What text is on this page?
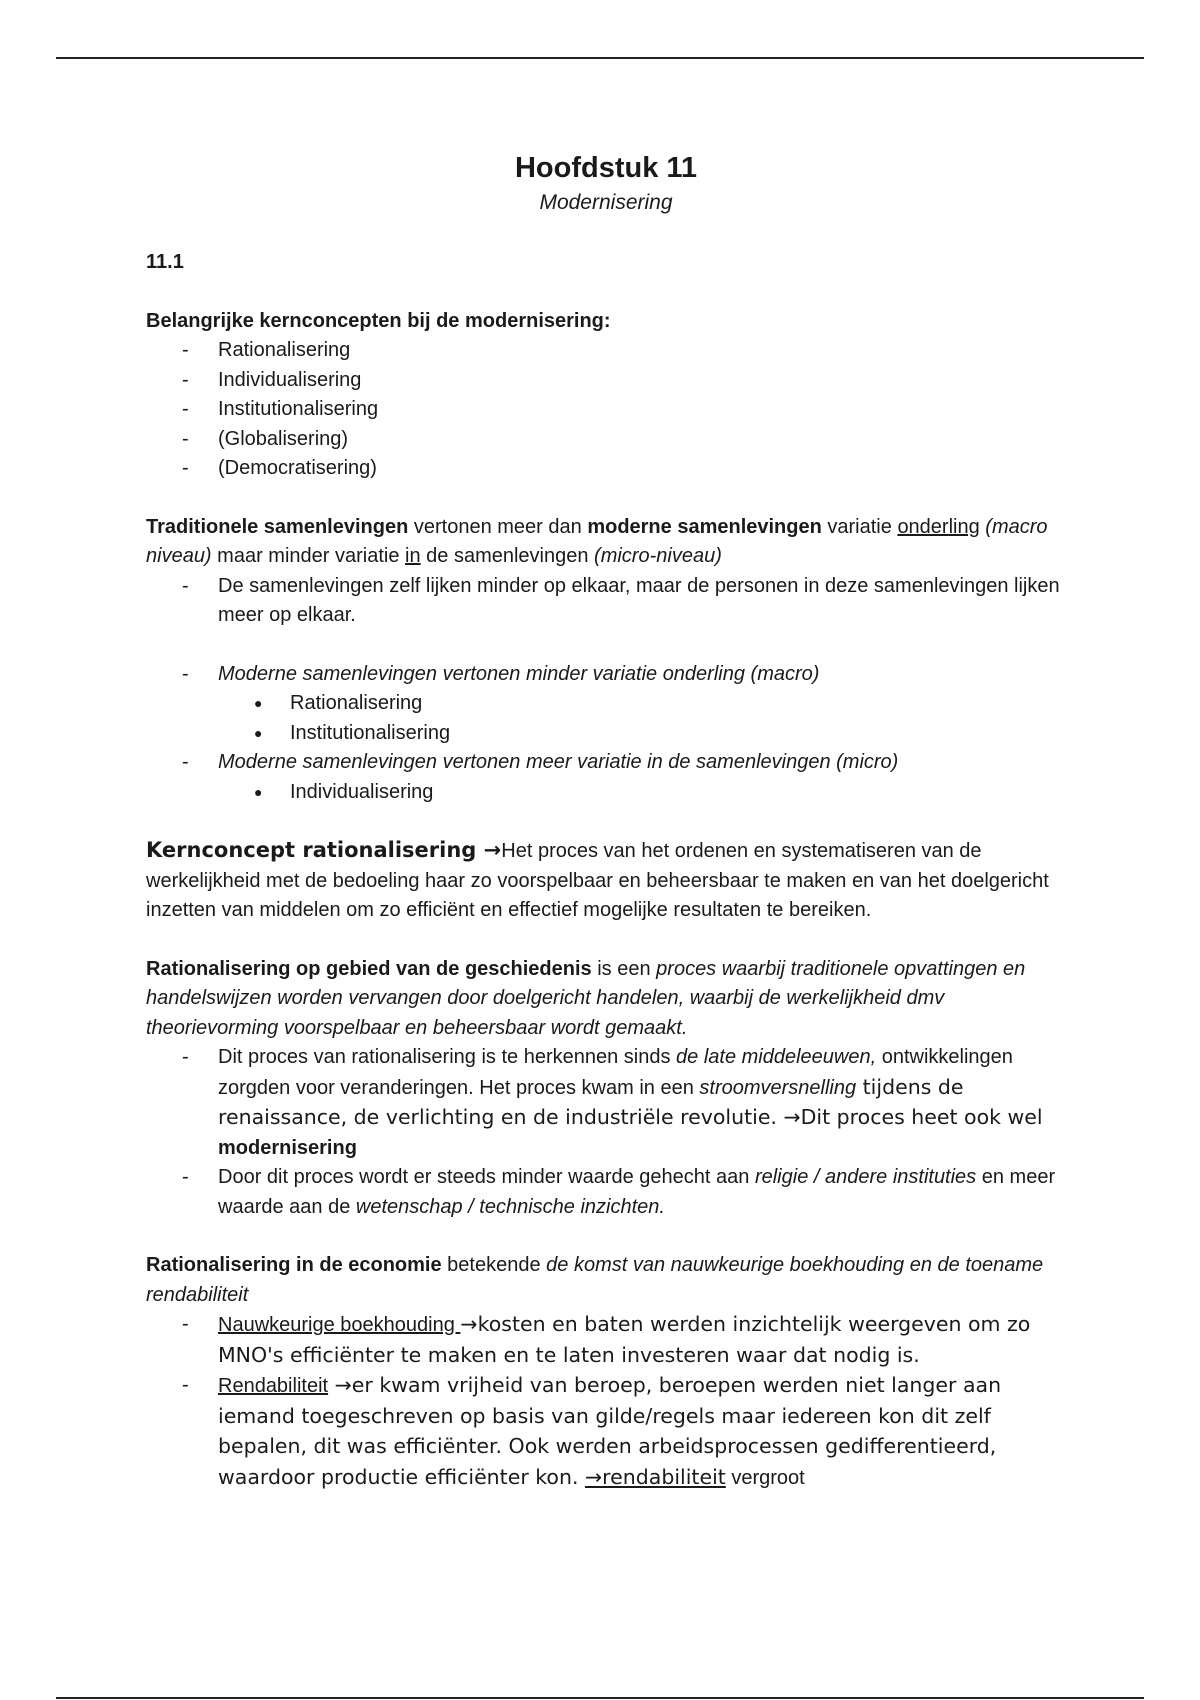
Hoofdstuk 11
Modernisering
11.1

Belangrijke kernconcepten bij de modernisering:

- Rationalisering
- Individualisering
- Institutionalisering
- (Globalisering)
- (Democratisering)

Traditionele samenlevingen vertonen meer dan moderne samenlevingen variatie onderling (macro niveau) maar minder variatie in de samenlevingen (micro-niveau)

- De samenlevingen zelf lijken minder op elkaar, maar de personen in deze samenlevingen lijken meer op elkaar.
- Moderne samenlevingen vertonen minder variatie onderling (macro)
● Rationalisering
● Institutionalisering
- Moderne samenlevingen vertonen meer variatie in de samenlevingen (micro)
● Individualisering

Kernconcept rationalisering →Het proces van het ordenen en systematiseren van de werkelijkheid met de bedoeling haar zo voorspelbaar en beheersbaar te maken en van het doelgericht inzetten van middelen om zo efficiënt en effectief mogelijke resultaten te bereiken.

Rationalisering op gebied van de geschiedenis is een proces waarbij traditionele opvattingen en handelswijzen worden vervangen door doelgericht handelen, waarbij de werkelijkheid dmv theorievorming voorspelbaar en beheersbaar wordt gemaakt.

- Dit proces van rationalisering is te herkennen sinds de late middeleeuwen, ontwikkelingen zorgden voor veranderingen. Het proces kwam in een stroomversnelling tijdens de renaissance, de verlichting en de industriële revolutie. →Dit proces heet ook wel modernisering
- Door dit proces wordt er steeds minder waarde gehecht aan religie / andere instituties en meer waarde aan de wetenschap / technische inzichten.

Rationalisering in de economie betekende de komst van nauwkeurige boekhouding en de toename rendabiliteit

- Nauwkeurige boekhouding →kosten en baten werden inzichtelijk weergeven om zo MNO's efficiënter te maken en te laten investeren waar dat nodig is.
- Rendabiliteit →er kwam vrijheid van beroep, beroepen werden niet langer aan iemand toegeschreven op basis van gilde/regels maar iedereen kon dit zelf bepalen, dit was efficiënter. Ook werden arbeidsprocessen gedifferentieerd, waardoor productie efficiënter kon. →rendabiliteit vergroot
